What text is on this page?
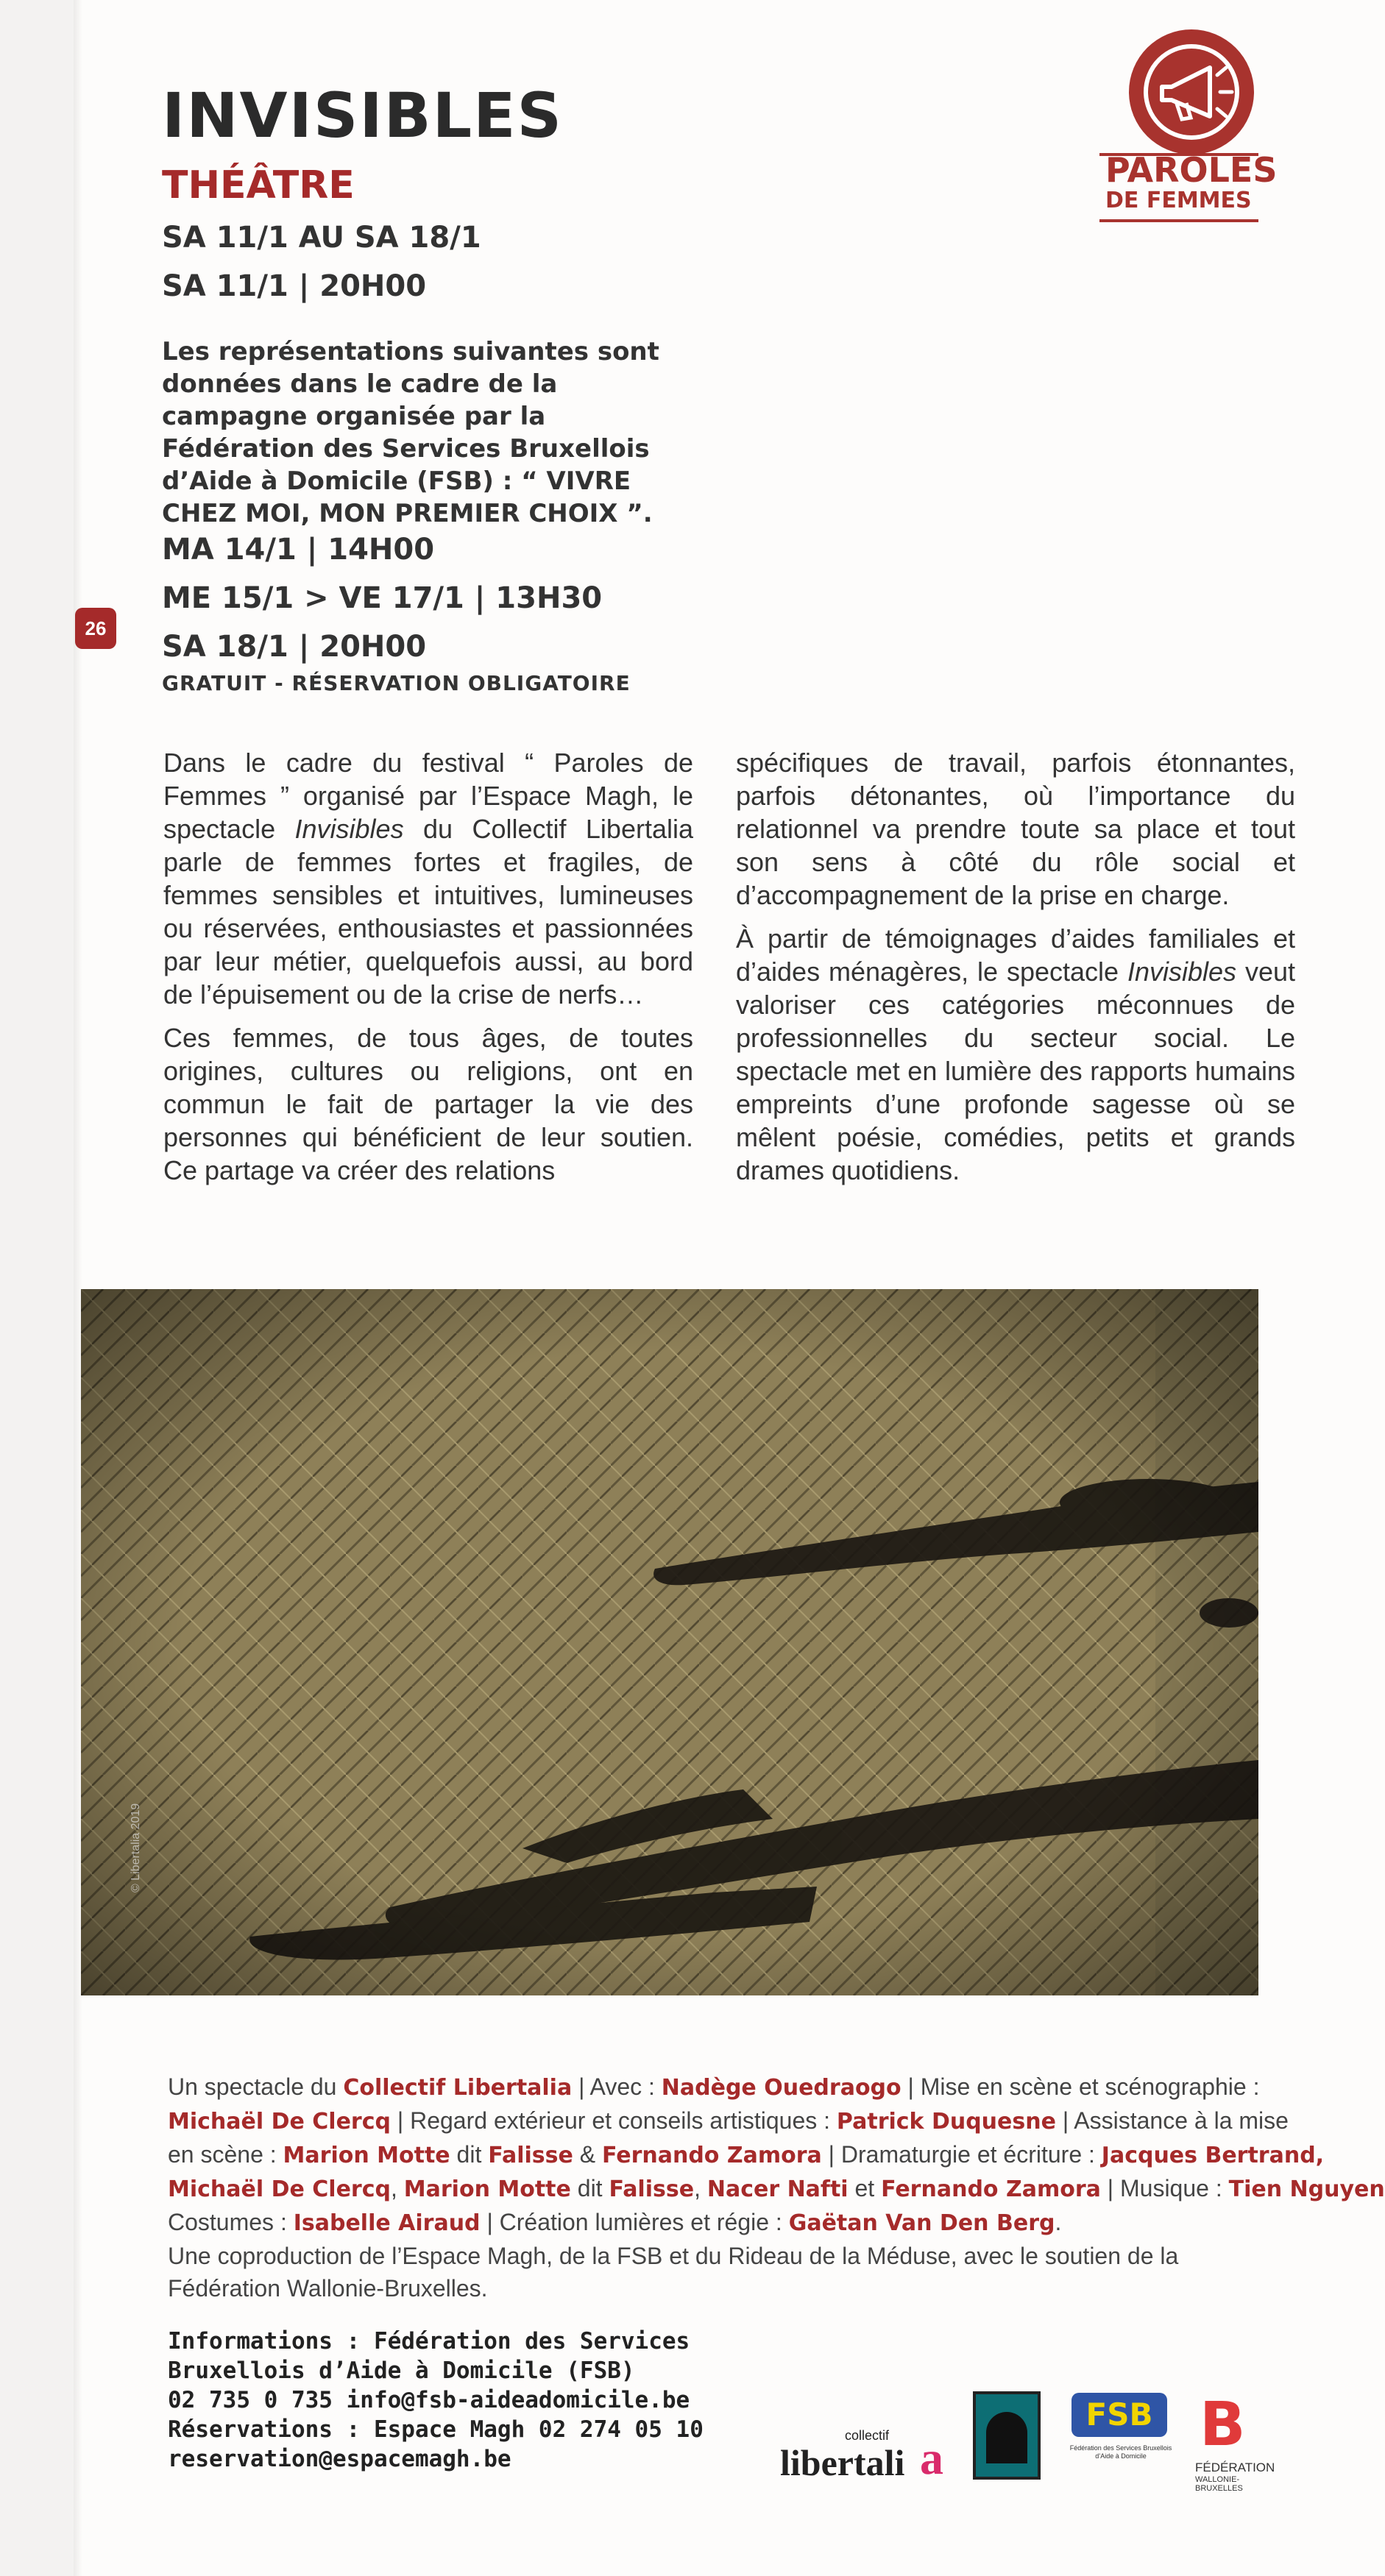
PAROLES
DE FEMMES
INVISIBLES
THÉÂTRE
SA 11/1 AU SA 18/1
SA 11/1 | 20H00
Les représentations suivantes sont données dans le cadre de la campagne organisée par la Fédération des Services Bruxellois d’Aide à Domicile (FSB) : “ VIVRE CHEZ MOI, MON PREMIER CHOIX ”.
MA 14/1 | 14H00
ME 15/1 > VE 17/1 | 13H30
SA 18/1 | 20H00
GRATUIT - RÉSERVATION OBLIGATOIRE
26

Dans le cadre du festival “ Paroles de Femmes ” organisé par l’Espace Magh, le spectacle Invisibles du Collectif Libertalia parle de femmes fortes et fragiles, de femmes sensibles et intuitives, lumineuses ou réservées, enthousiastes et passionnées par leur métier, quelquefois aussi, au bord de l’épuisement ou de la crise de nerfs…

Ces femmes, de tous âges, de toutes origines, cultures ou religions, ont en commun le fait de partager la vie des personnes qui bénéficient de leur soutien. Ce partage va créer des relations

spécifiques de travail, parfois étonnantes, parfois détonantes, où l’importance du relationnel va prendre toute sa place et tout son sens à côté du rôle social et d’accompagnement de la prise en charge.

À partir de témoignages d’aides familiales et d’aides ménagères, le spectacle Invisibles veut valoriser ces catégories méconnues de professionnelles du secteur social. Le spectacle met en lumière des rapports humains empreints d’une profonde sagesse où se mêlent poésie, comédies, petits et grands drames quotidiens.

© Libertalia 2019
Un spectacle du Collectif Libertalia | Avec : Nadège Ouedraogo | Mise en scène et scénographie :
Michaël De Clercq | Regard extérieur et conseils artistiques : Patrick Duquesne | Assistance à la mise
en scène : Marion Motte dit Falisse & Fernando Zamora | Dramaturgie et écriture : Jacques Bertrand,
Michaël De Clercq, Marion Motte dit Falisse, Nacer Nafti et Fernando Zamora | Musique : Tien Nguyen
Costumes : Isabelle Airaud | Création lumières et régie : Gaëtan Van Den Berg.
Une coproduction de l’Espace Magh, de la FSB et du Rideau de la Méduse, avec le soutien de la
Fédération Wallonie-Bruxelles.
Informations : Fédération des Services
Bruxellois d’Aide à Domicile (FSB)
02 735 0 735 info@fsb-aideadomicile.be
Réservations : Espace Magh 02 274 05 10
reservation@espacemagh.be
collectif
libertali a
FSB
Fédération des Services Bruxellois d’Aide à Domicile B
FÉDÉRATION
WALLONIE-BRUXELLES
